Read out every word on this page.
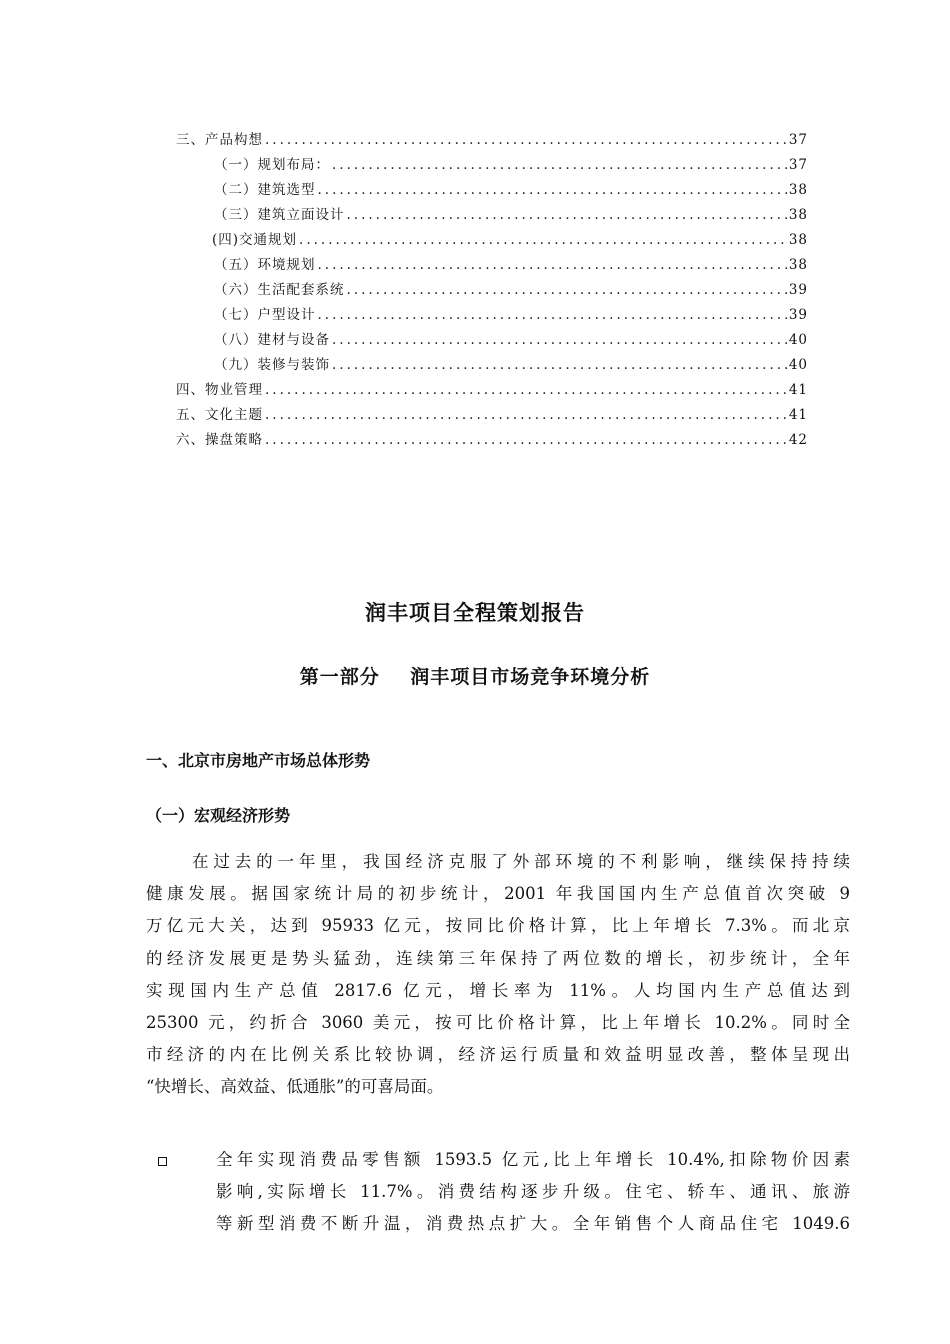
三、产品构想 .....	37
（一）规划布局： .....	37
（二）建筑选型 .....	38
（三）建筑立面设计 .....	38
(四)交通规划 .....	38
（五）环境规划 .....	38
（六）生活配套系统 .....	39
（七）户型设计 .....	39
（八）建材与设备 .....	40
（九）装修与装饰 .....	40
四、物业管理 .....	41
五、文化主题 .....	41
六、操盘策略 .....	42
润丰项目全程策划报告
第一部分    润丰项目市场竞争环境分析
一、北京市房地产市场总体形势
（一）宏观经济形势
在过去的一年里，我国经济克服了外部环境的不利影响，继续保持持续
健康发展。据国家统计局的初步统计，2001 年我国国内生产总值首次突破 9
万亿元大关，达到 95933 亿元，按同比价格计算，比上年增长 7.3%。而北京
的经济发展更是势头猛劲，连续第三年保持了两位数的增长，初步统计，全年
实现国内生产总值 2817.6 亿元，增长率为 11%。人均国内生产总值达到
25300 元，约折合 3060 美元，按可比价格计算，比上年增长 10.2%。同时全
市经济的内在比例关系比较协调，经济运行质量和效益明显改善，整体呈现出
“快增长、高效益、低通胀”的可喜局面。
全年实现消费品零售额 1593.5 亿元,比上年增长 10.4%,扣除物价因素
影响,实际增长 11.7%。消费结构逐步升级。住宅、轿车、通讯、旅游
等新型消费不断升温，消费热点扩大。全年销售个人商品住宅 1049.6
